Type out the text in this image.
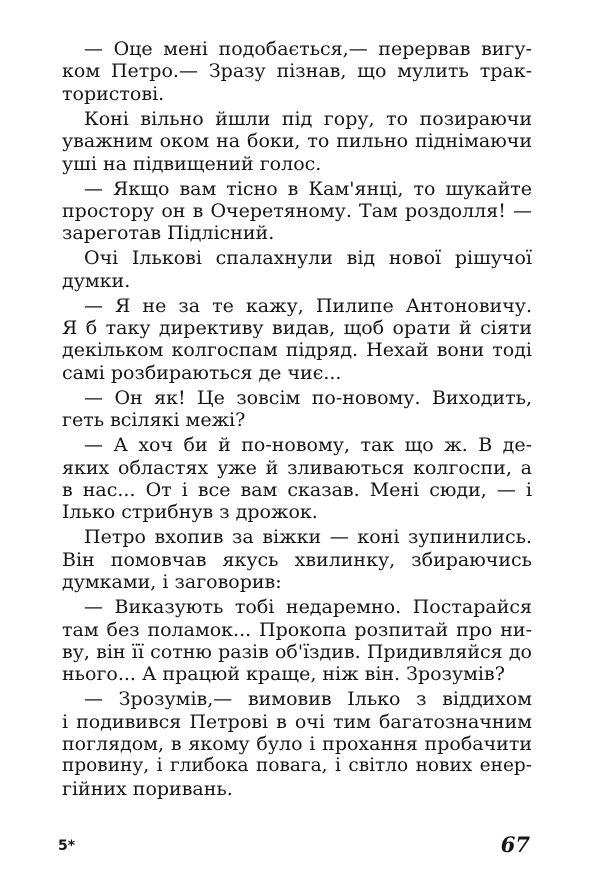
— Оце мені подобається,— перервав вигу-
ком Петро.— Зразу пізнав, що мулить трак-
тористові.
Коні вільно йшли під гору, то позираючи
уважним оком на боки, то пильно піднімаючи
уші на підвищений голос.
— Якщо вам тісно в Кам'янці, то шукайте
простору он в Очеретяному. Там роздолля! —
зареготав Підлісний.
Очі Ількові спалахнули від нової рішучої
думки.
— Я не за те кажу, Пилипе Антоновичу.
Я б таку директиву видав, щоб орати й сіяти
декільком колгоспам підряд. Нехай вони тоді
самі розбираються де чиє...
— Он як! Це зовсім по-новому. Виходить,
геть всілякі межі?
— А хоч би й по-новому, так що ж. В де-
яких областях уже й зливаються колгоспи, а
в нас... От і все вам сказав. Мені сюди, — і
Ілько стрибнув з дрожок.
Петро вхопив за віжки — коні зупинились.
Він помовчав якусь хвилинку, збираючись
думками, і заговорив:
— Виказують тобі недаремно. Постарайся
там без поламок... Прокопа розпитай про ни-
ву, він її сотню разів об'їздив. Придивляйся до
нього... А працюй краще, ніж він. Зрозумів?
— Зрозумів,— вимовив Ілько з віддихом
і подивився Петрові в очі тим багатозначним
поглядом, в якому було і прохання пробачити
провину, і глибока повага, і світло нових енер-
гійних поривань.
5*	67
